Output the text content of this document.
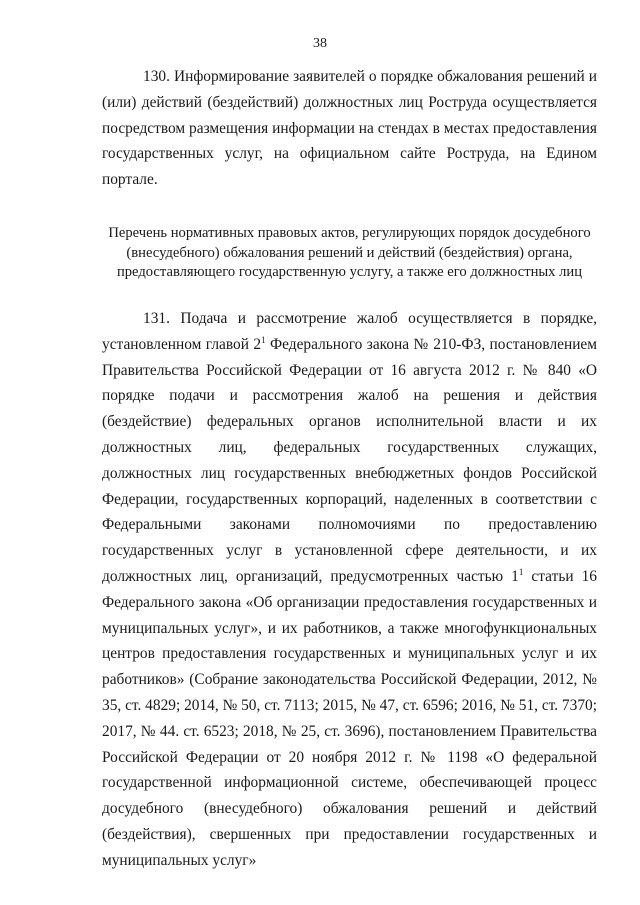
38

130. Информирование заявителей о порядке обжалования решений и (или) действий (бездействий) должностных лиц Роструда осуществляется посредством размещения информации на стендах в местах предоставления государственных услуг, на официальном сайте Роструда, на Едином портале.

Перечень нормативных правовых актов, регулирующих порядок досудебного (внесудебного) обжалования решений и действий (бездействия) органа, предоставляющего государственную услугу, а также его должностных лиц

131. Подача и рассмотрение жалоб осуществляется в порядке, установленном главой $2^1$ Федерального закона № 210-ФЗ, постановлением Правительства Российской Федерации от 16 августа 2012 г. № 840 «О порядке подачи и рассмотрения жалоб на решения и действия (бездействие) федеральных органов исполнительной власти и их должностных лиц, федеральных государственных служащих, должностных лиц государственных внебюджетных фондов Российской Федерации, государственных корпораций, наделенных в соответствии с Федеральными законами полномочиями по предоставлению государственных услуг в установленной сфере деятельности, и их должностных лиц, организаций, предусмотренных частью $1^1$ статьи 16 Федерального закона «Об организации предоставления государственных и муниципальных услуг», и их работников, а также многофункциональных центров предоставления государственных и муниципальных услуг и их работников» (Собрание законодательства Российской Федерации, 2012, № 35, ст. 4829; 2014, № 50, ст. 7113; 2015, № 47, ст. 6596; 2016, № 51, ст. 7370; 2017, № 44. ст. 6523; 2018, № 25, ст. 3696), постановлением Правительства Российской Федерации от 20 ноября 2012 г. № 1198 «О федеральной государственной информационной системе, обеспечивающей процесс досудебного (внесудебного) обжалования решений и действий (бездействия), свершенных при предоставлении государственных и муниципальных услуг»
